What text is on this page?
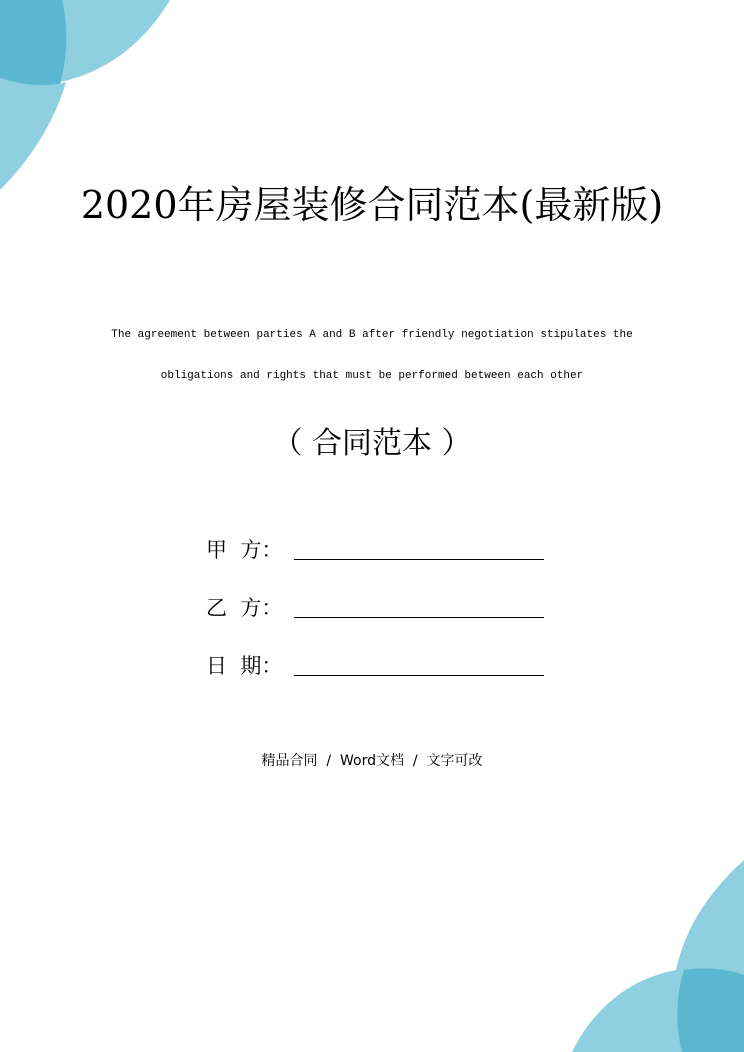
2020年房屋装修合同范本(最新版)
The agreement between parties A and B after friendly negotiation stipulates the
obligations and rights that must be performed between each other
（ 合同范本 ）
甲  方：
乙  方：
日  期：
精品合同  /  Word文档  /  文字可改
